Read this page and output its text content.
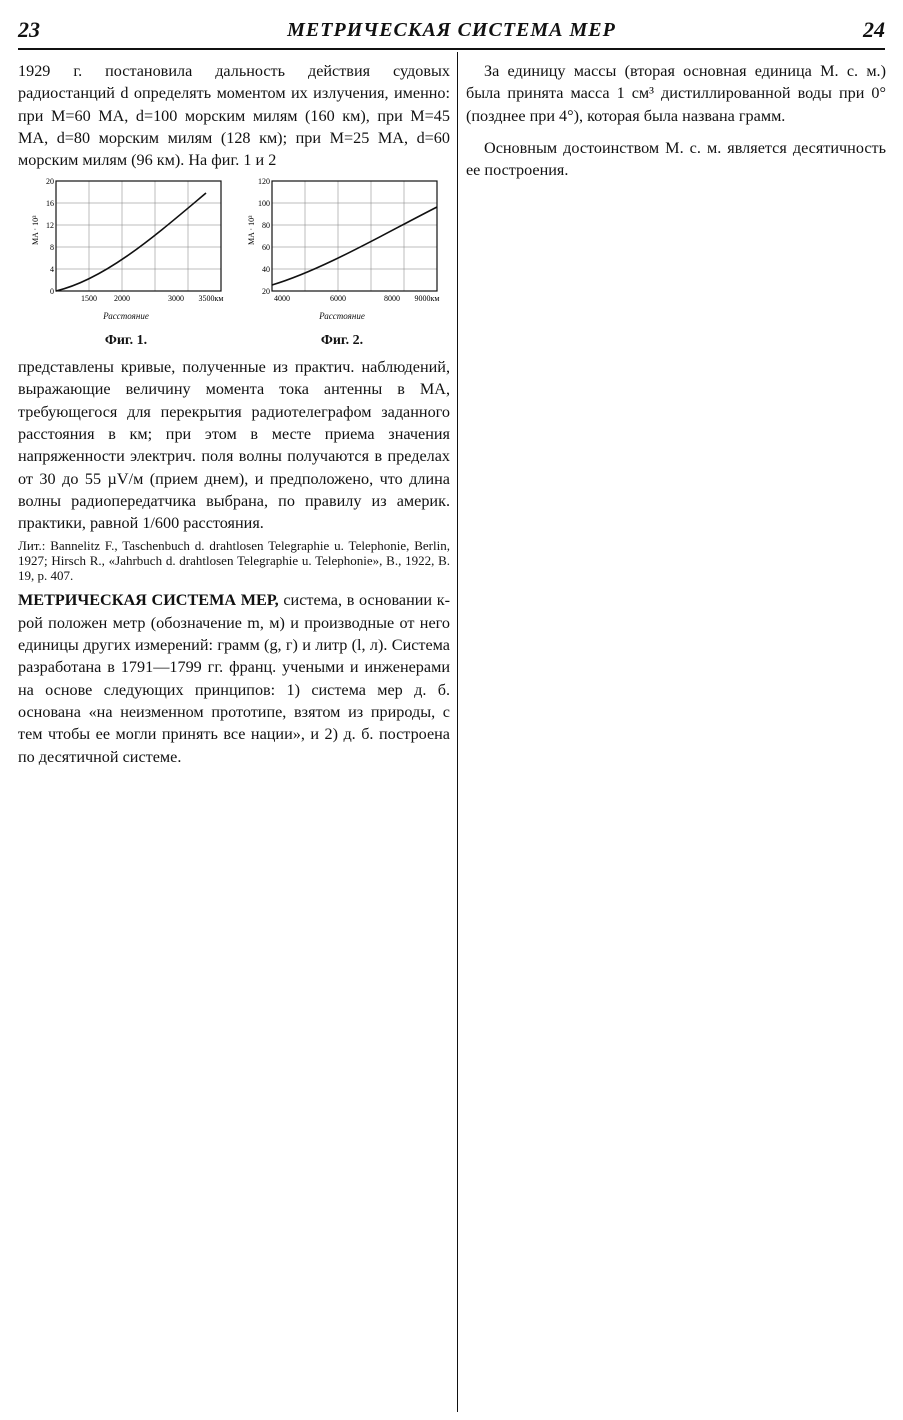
23	МЕТРИЧЕСКАЯ СИСТЕМА МЕР	24

1929 г. постановила дальность действия судовых радиостанций d определять моментом их излучения, именно: при M=60 МА, d=100 морским милям (160 км), при M=45 МА, d=80 морским милям (128 км); при M=25 МА, d=60 морским милям (96 км). На фиг. 1 и 2

MA · 10³
20
16
12
8
4
0
1500 2000	3000 3500км
Расстояние
Фиг. 1.
MA · 10³
120
100
80
60
40
20
4000	6000	8000 9000км
Расстояние
Фиг. 2.

представлены кривые, полученные из практич. наблюдений, выражающие величину момента тока антенны в МА, требующегося для перекрытия радиотелеграфом заданного расстояния в км; при этом в месте приема значения напряженности электрич. поля волны получаются в пределах от 30 до 55 µV/м (прием днем), и предположено, что длина волны радиопередатчика выбрана, по правилу из америк. практики, равной 1/600 расстояния.

Лит.: Bannelitz F., Taschenbuch d. drahtlosen Telegraphie u. Telephonie, Berlin, 1927; Hirsch R., «Jahrbuch d. drahtlosen Telegraphie u. Telephonie», B., 1922, B. 19, p. 407.

МЕТРИЧЕСКАЯ СИСТЕМА МЕР, система, в основании к-рой положен метр (обозначение m, м) и производные от него единицы других измерений: грамм (g, г) и литр (l, л). Система разработана в 1791—1799 гг. франц. учеными и инженерами на основе следующих принципов: 1) система мер д. б. основана «на неизменном прототипе, взятом из природы, с тем чтобы ее могли принять все нации», и 2) д. б. построена по десятичной системе.

За единицу массы (вторая основная единица М. с. м.) была принята масса 1 см³ дистиллированной воды при 0° (позднее при 4°), которая была названа грамм.

Основным достоинством М. с. м. является десятичность ее построения.
